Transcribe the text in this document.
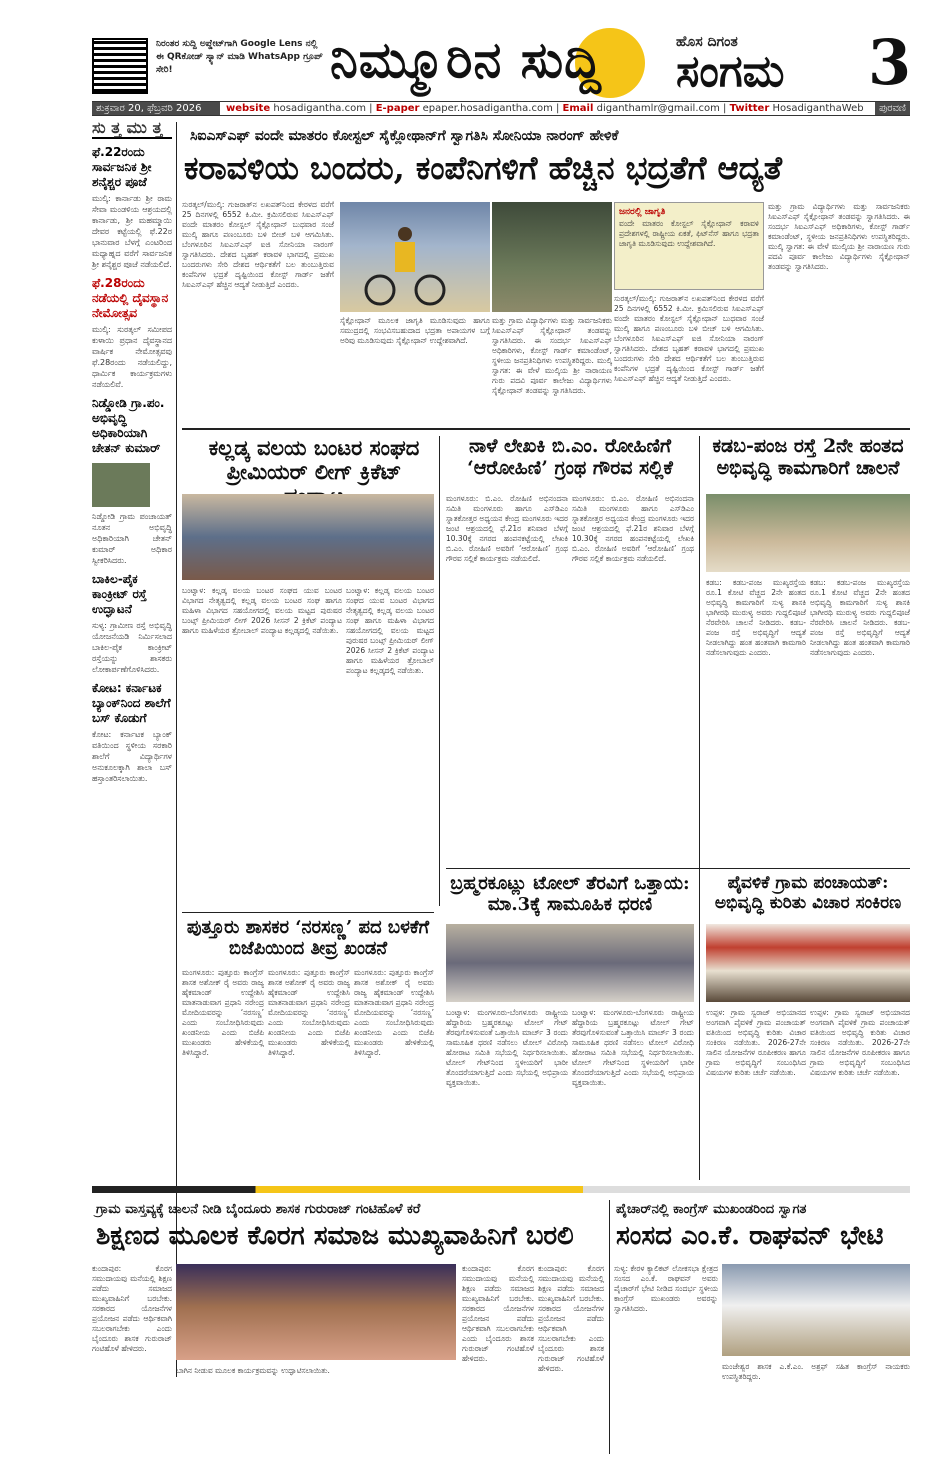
ನಿರಂತರ ಸುದ್ದಿ ಅಪ್ಡೇಟ್‌ಗಾಗಿ Google Lens ನಲ್ಲಿ ಈ QRಕೋಡ್ ಸ್ಕ್ಯಾನ್ ಮಾಡಿ WhatsApp ಗ್ರೂಪ್ ಸೇರಿ!	ನಿಮ್ಮೂರಿನ ಸುದ್ದಿ	ಹೊಸ ದಿಗಂತ
ಸಂಗಮ 3
ಶುಕ್ರವಾರ 20, ಫೆಬ್ರವರಿ 2026	website hosadigantha.com | E-paper epaper.hosadigantha.com | Email diganthamlr@gmail.com | Twitter HosadiganthaWeb	ಪುರವಣಿ
ಸು ತ್ತ ಮು ತ್ತ
ಫೆ.22ರಂದು ಸಾರ್ವಜನಿಕ ಶ್ರೀ ಶನೈಶ್ಚರ ಪೂಜೆ

ಮುಲ್ಕಿ: ಕಾರ್ನಾಡು ಶ್ರೀ ರಾಮ ಸೇವಾ ಮಂಡಳಿಯ ಆಶ್ರಯದಲ್ಲಿ ಕಾರ್ನಾಡು, ಶ್ರೀ ಮಹಮ್ಮಾಯಿ ದೇವರ ಕಟ್ಟೆಯಲ್ಲಿ ಫೆ.22ರ ಭಾನುವಾರ ಬೆಳಗ್ಗೆ ಎಂಟರಿಂದ ಮಧ್ಯಾಹ್ನದ ವರೆಗೆ ಸಾರ್ವಜನಿಕ ಶ್ರೀ ಶನೈಶ್ಚರ ಪೂಜೆ ನಡೆಯಲಿದೆ.

ಫೆ.28ರಂದು ನಡೆಯಲ್ಲಿ ದೈವಸ್ಥಾನ ನೇಮೋತ್ಸವ

ಮುಲ್ಕಿ: ಸುರತ್ಕಲ್ ಸಮೀಪದ ಕುಳಾಯಿ ಪ್ರಧಾನ ದೈವಸ್ಥಾನದ ವಾರ್ಷಿಕ ನೇಮೋತ್ಸವವು ಫೆ.28ರಂದು ನಡೆಯಲಿದ್ದು, ಧಾರ್ಮಿಕ ಕಾರ್ಯಕ್ರಮಗಳು ನಡೆಯಲಿವೆ.

ನಿಡ್ಡೋಡಿ ಗ್ರಾ.ಪಂ. ಅಭಿವೃದ್ಧಿ ಅಧಿಕಾರಿಯಾಗಿ ಚೇತನ್ ಕುಮಾರ್

ನಿಡ್ಡೋಡಿ ಗ್ರಾಮ ಪಂಚಾಯತ್ ನೂತನ ಅಭಿವೃದ್ಧಿ ಅಧಿಕಾರಿಯಾಗಿ ಚೇತನ್ ಕುಮಾರ್ ಅಧಿಕಾರ ಸ್ವೀಕರಿಸಿದರು.

ಬಾಕಿಲ-ಪೈಕ ಕಾಂಕ್ರೀಟ್ ರಸ್ತೆ ಉದ್ಘಾಟನೆ

ಸುಳ್ಯ: ಗ್ರಾಮೀಣ ರಸ್ತೆ ಅಭಿವೃದ್ಧಿ ಯೋಜನೆಯಡಿ ನಿರ್ಮಿಸಲಾದ ಬಾಕಿಲ-ಪೈಕ ಕಾಂಕ್ರೀಟ್ ರಸ್ತೆಯನ್ನು ಶಾಸಕರು ಲೋಕಾರ್ಪಣೆಗೊಳಿಸಿದರು.

ಕೋಟ: ಕರ್ನಾಟಕ ಬ್ಯಾಂಕ್‌ನಿಂದ ಶಾಲೆಗೆ ಬಸ್ ಕೊಡುಗೆ

ಕೋಟ: ಕರ್ನಾಟಕ ಬ್ಯಾಂಕ್ ವತಿಯಿಂದ ಸ್ಥಳೀಯ ಸರಕಾರಿ ಶಾಲೆಗೆ ವಿದ್ಯಾರ್ಥಿಗಳ ಅನುಕೂಲಕ್ಕಾಗಿ ಶಾಲಾ ಬಸ್ ಹಸ್ತಾಂತರಿಸಲಾಯಿತು.

ಸಿಐಎಸ್‌ಎಫ್ ವಂದೇ ಮಾತರಂ ಕೋಸ್ಟಲ್ ಸೈಕ್ಲೋಥಾನ್‌ಗೆ ಸ್ವಾಗತಿಸಿ ಸೋನಿಯಾ ನಾರಂಗ್ ಹೇಳಿಕೆ
ಕರಾವಳಿಯ ಬಂದರು, ಕಂಪೆನಿಗಳಿಗೆ ಹೆಚ್ಚಿನ ಭದ್ರತೆಗೆ ಆದ್ಯತೆ
ಸುರತ್ಕಲ್/ಮುಲ್ಕಿ: ಗುಜರಾತ್‌ನ ಲಖಪತ್‌ನಿಂದ ಕೇರಳದ ವರೆಗೆ 25 ದಿನಗಳಲ್ಲಿ 6552 ಕಿ.ಮೀ. ಕ್ರಮಿಸಲಿರುವ ಸಿಐಎಸ್‌ಎಫ್ ವಂದೇ ಮಾತರಂ ಕೋಸ್ಟಲ್ ಸೈಕ್ಲೋಥಾನ್ ಬುಧವಾರ ಸಂಜೆ ಮುಲ್ಕಿ ಹಾಗೂ ಪಣಂಬೂರು ಬಳಿ ಬೀಚ್ ಬಳಿ ಆಗಮಿಸಿತು. ಬೆಂಗಳೂರಿನ ಸಿಐಎಸ್‌ಎಫ್ ಐಜಿ ಸೋನಿಯಾ ನಾರಂಗ್ ಸ್ವಾಗತಿಸಿದರು. ದೇಶದ ಬೃಹತ್ ಕರಾವಳಿ ಭಾಗದಲ್ಲಿ ಪ್ರಮುಖ ಬಂದರುಗಳು ಸೇರಿ ದೇಶದ ಆರ್ಥಿಕತೆಗೆ ಬಲ ತುಂಬುತ್ತಿರುವ ಕಂಪೆನಿಗಳ ಭದ್ರತೆ ದೃಷ್ಟಿಯಿಂದ ಕೋಸ್ಟ್ ಗಾರ್ಡ್ ಜತೆಗೆ ಸಿಐಎಸ್‌ಎಫ್ ಹೆಚ್ಚಿನ ಆದ್ಯತೆ ನೀಡುತ್ತಿದೆ ಎಂದರು.
ಸೈಕ್ಲೋಥಾನ್ ಮೂಲಕ ಜಾಗೃತಿ ಮೂಡಿಸುವುದು ಹಾಗೂ ಸಮುದ್ರದಲ್ಲಿ ಸಂಭವಿಸಬಹುದಾದ ಭದ್ರತಾ ಅಪಾಯಗಳ ಬಗ್ಗೆ ಅರಿವು ಮೂಡಿಸುವುದು ಸೈಕ್ಲೋಥಾನ್ ಉದ್ದೇಶವಾಗಿದೆ.
ಮತ್ತು ಗ್ರಾಮ ವಿದ್ಯಾರ್ಥಿಗಳು ಮತ್ತು ಸಾರ್ವಜನಿಕರು ಸಿಐಎಸ್‌ಎಫ್ ಸೈಕ್ಲೋಥಾನ್ ತಂಡವನ್ನು ಸ್ವಾಗತಿಸಿದರು. ಈ ಸಂದರ್ಭ ಸಿಐಎಸ್‌ಎಫ್ ಅಧಿಕಾರಿಗಳು, ಕೋಸ್ಟ್ ಗಾರ್ಡ್ ಕಮಾಂಡೆಂಟ್, ಸ್ಥಳೀಯ ಜನಪ್ರತಿನಿಧಿಗಳು ಉಪಸ್ಥಿತರಿದ್ದರು. ಮುಲ್ಕಿ ಸ್ವಾಗತ: ಈ ವೇಳೆ ಮುಲ್ಕಿಯ ಶ್ರೀ ನಾರಾಯಣ ಗುರು ಪದವಿ ಪೂರ್ವ ಕಾಲೇಜು ವಿದ್ಯಾರ್ಥಿಗಳು ಸೈಕ್ಲೋಥಾನ್ ತಂಡವನ್ನು ಸ್ವಾಗತಿಸಿದರು.
ಜನರಲ್ಲಿ ಜಾಗೃತಿ
ವಂದೇ ಮಾತರಂ ಕೋಸ್ಟಲ್ ಸೈಕ್ಲೋಥಾನ್ ಕರಾವಳಿ ಪ್ರದೇಶಗಳಲ್ಲಿ ರಾಷ್ಟ್ರೀಯ ಏಕತೆ, ಫಿಟ್‌ನೆಸ್ ಹಾಗೂ ಭದ್ರತಾ ಜಾಗೃತಿ ಮೂಡಿಸುವುದು ಉದ್ದೇಶವಾಗಿದೆ.
ಸುರತ್ಕಲ್/ಮುಲ್ಕಿ: ಗುಜರಾತ್‌ನ ಲಖಪತ್‌ನಿಂದ ಕೇರಳದ ವರೆಗೆ 25 ದಿನಗಳಲ್ಲಿ 6552 ಕಿ.ಮೀ. ಕ್ರಮಿಸಲಿರುವ ಸಿಐಎಸ್‌ಎಫ್ ವಂದೇ ಮಾತರಂ ಕೋಸ್ಟಲ್ ಸೈಕ್ಲೋಥಾನ್ ಬುಧವಾರ ಸಂಜೆ ಮುಲ್ಕಿ ಹಾಗೂ ಪಣಂಬೂರು ಬಳಿ ಬೀಚ್ ಬಳಿ ಆಗಮಿಸಿತು. ಬೆಂಗಳೂರಿನ ಸಿಐಎಸ್‌ಎಫ್ ಐಜಿ ಸೋನಿಯಾ ನಾರಂಗ್ ಸ್ವಾಗತಿಸಿದರು. ದೇಶದ ಬೃಹತ್ ಕರಾವಳಿ ಭಾಗದಲ್ಲಿ ಪ್ರಮುಖ ಬಂದರುಗಳು ಸೇರಿ ದೇಶದ ಆರ್ಥಿಕತೆಗೆ ಬಲ ತುಂಬುತ್ತಿರುವ ಕಂಪೆನಿಗಳ ಭದ್ರತೆ ದೃಷ್ಟಿಯಿಂದ ಕೋಸ್ಟ್ ಗಾರ್ಡ್ ಜತೆಗೆ ಸಿಐಎಸ್‌ಎಫ್ ಹೆಚ್ಚಿನ ಆದ್ಯತೆ ನೀಡುತ್ತಿದೆ ಎಂದರು.
ಮತ್ತು ಗ್ರಾಮ ವಿದ್ಯಾರ್ಥಿಗಳು ಮತ್ತು ಸಾರ್ವಜನಿಕರು ಸಿಐಎಸ್‌ಎಫ್ ಸೈಕ್ಲೋಥಾನ್ ತಂಡವನ್ನು ಸ್ವಾಗತಿಸಿದರು. ಈ ಸಂದರ್ಭ ಸಿಐಎಸ್‌ಎಫ್ ಅಧಿಕಾರಿಗಳು, ಕೋಸ್ಟ್ ಗಾರ್ಡ್ ಕಮಾಂಡೆಂಟ್, ಸ್ಥಳೀಯ ಜನಪ್ರತಿನಿಧಿಗಳು ಉಪಸ್ಥಿತರಿದ್ದರು. ಮುಲ್ಕಿ ಸ್ವಾಗತ: ಈ ವೇಳೆ ಮುಲ್ಕಿಯ ಶ್ರೀ ನಾರಾಯಣ ಗುರು ಪದವಿ ಪೂರ್ವ ಕಾಲೇಜು ವಿದ್ಯಾರ್ಥಿಗಳು ಸೈಕ್ಲೋಥಾನ್ ತಂಡವನ್ನು ಸ್ವಾಗತಿಸಿದರು.
ಕಲ್ಲಡ್ಕ ವಲಯ ಬಂಟರ ಸಂಘದ ಪ್ರೀಮಿಯರ್ ಲೀಗ್ ಕ್ರಿಕೆಟ್
ಬಂಟ್ವಾಳ: ಕಲ್ಲಡ್ಕ ವಲಯ ಬಂಟರ ಸಂಘದ ಯುವ ಬಂಟರ ವಿಭಾಗದ ನೇತೃತ್ವದಲ್ಲಿ ಕಲ್ಲಡ್ಕ ವಲಯ ಬಂಟರ ಸಂಘ ಹಾಗೂ ಮಹಿಳಾ ವಿಭಾಗದ ಸಹಯೋಗದಲ್ಲಿ ವಲಯ ಮಟ್ಟದ ಪುರುಷರ ಬಂಟ್ಸ್ ಪ್ರೀಮಿಯರ್ ಲೀಗ್ 2026 ಸೀಸನ್ 2 ಕ್ರಿಕೆಟ್ ಪಂದ್ಯಾಟ ಹಾಗೂ ಮಹಿಳೆಯರ ತ್ರೋಬಾಲ್ ಪಂದ್ಯಾಟ ಕಲ್ಲಡ್ಕದಲ್ಲಿ ನಡೆಯಿತು.
ಬಂಟ್ವಾಳ: ಕಲ್ಲಡ್ಕ ವಲಯ ಬಂಟರ ಸಂಘದ ಯುವ ಬಂಟರ ವಿಭಾಗದ ನೇತೃತ್ವದಲ್ಲಿ ಕಲ್ಲಡ್ಕ ವಲಯ ಬಂಟರ ಸಂಘ ಹಾಗೂ ಮಹಿಳಾ ವಿಭಾಗದ ಸಹಯೋಗದಲ್ಲಿ ವಲಯ ಮಟ್ಟದ ಪುರುಷರ ಬಂಟ್ಸ್ ಪ್ರೀಮಿಯರ್ ಲೀಗ್ 2026 ಸೀಸನ್ 2 ಕ್ರಿಕೆಟ್ ಪಂದ್ಯಾಟ ಹಾಗೂ ಮಹಿಳೆಯರ ತ್ರೋಬಾಲ್ ಪಂದ್ಯಾಟ ಕಲ್ಲಡ್ಕದಲ್ಲಿ ನಡೆಯಿತು.
ನಾಳೆ ಲೇಖಕಿ ಬಿ.ಎಂ. ರೋಹಿಣಿಗೆ ‘ಆರೋಹಿಣಿ’ ಗ್ರಂಥ ಗೌರವ ಸಲ್ಲಿಕೆ
ಮಂಗಳೂರು: ಬಿ.ಎಂ. ರೋಹಿಣಿ ಅಭಿನಂದನಾ ಸಮಿತಿ ಮಂಗಳೂರು ಹಾಗೂ ಎಸ್‌ಡಿಎಂ ಸ್ನಾತಕೋತ್ತರ ಅಧ್ಯಯನ ಕೇಂದ್ರ ಮಂಗಳೂರು ಇದರ ಜಂಟಿ ಆಶ್ರಯದಲ್ಲಿ ಫೆ.21ರ ಶನಿವಾರ ಬೆಳಗ್ಗೆ 10.30ಕ್ಕೆ ನಗರದ ಹಂಪನಕಟ್ಟೆಯಲ್ಲಿ ಲೇಖಕಿ ಬಿ.ಎಂ. ರೋಹಿಣಿ ಅವರಿಗೆ ‘ಆರೋಹಿಣಿ’ ಗ್ರಂಥ ಗೌರವ ಸಲ್ಲಿಕೆ ಕಾರ್ಯಕ್ರಮ ನಡೆಯಲಿದೆ.
ಮಂಗಳೂರು: ಬಿ.ಎಂ. ರೋಹಿಣಿ ಅಭಿನಂದನಾ ಸಮಿತಿ ಮಂಗಳೂರು ಹಾಗೂ ಎಸ್‌ಡಿಎಂ ಸ್ನಾತಕೋತ್ತರ ಅಧ್ಯಯನ ಕೇಂದ್ರ ಮಂಗಳೂರು ಇದರ ಜಂಟಿ ಆಶ್ರಯದಲ್ಲಿ ಫೆ.21ರ ಶನಿವಾರ ಬೆಳಗ್ಗೆ 10.30ಕ್ಕೆ ನಗರದ ಹಂಪನಕಟ್ಟೆಯಲ್ಲಿ ಲೇಖಕಿ ಬಿ.ಎಂ. ರೋಹಿಣಿ ಅವರಿಗೆ ‘ಆರೋಹಿಣಿ’ ಗ್ರಂಥ ಗೌರವ ಸಲ್ಲಿಕೆ ಕಾರ್ಯಕ್ರಮ ನಡೆಯಲಿದೆ.
ಕಡಬ-ಪಂಜ ರಸ್ತೆ 2ನೇ ಹಂತದ ಅಭಿವೃದ್ಧಿ ಕಾಮಗಾರಿಗೆ ಚಾಲನೆ
ಕಡಬ: ಕಡಬ-ಪಂಜ ಮುಖ್ಯರಸ್ತೆಯ ರೂ.1 ಕೋಟಿ ವೆಚ್ಚದ 2ನೇ ಹಂತದ ಅಭಿವೃದ್ಧಿ ಕಾಮಗಾರಿಗೆ ಸುಳ್ಯ ಶಾಸಕಿ ಭಾಗೀರಥಿ ಮುರುಳ್ಯ ಅವರು ಗುದ್ದಲಿಪೂಜೆ ನೆರವೇರಿಸಿ ಚಾಲನೆ ನೀಡಿದರು. ಕಡಬ-ಪಂಜ ರಸ್ತೆ ಅಭಿವೃದ್ಧಿಗೆ ಆದ್ಯತೆ ನೀಡಲಾಗಿದ್ದು ಹಂತ ಹಂತವಾಗಿ ಕಾಮಗಾರಿ ನಡೆಸಲಾಗುವುದು ಎಂದರು.
ಕಡಬ: ಕಡಬ-ಪಂಜ ಮುಖ್ಯರಸ್ತೆಯ ರೂ.1 ಕೋಟಿ ವೆಚ್ಚದ 2ನೇ ಹಂತದ ಅಭಿವೃದ್ಧಿ ಕಾಮಗಾರಿಗೆ ಸುಳ್ಯ ಶಾಸಕಿ ಭಾಗೀರಥಿ ಮುರುಳ್ಯ ಅವರು ಗುದ್ದಲಿಪೂಜೆ ನೆರವೇರಿಸಿ ಚಾಲನೆ ನೀಡಿದರು. ಕಡಬ-ಪಂಜ ರಸ್ತೆ ಅಭಿವೃದ್ಧಿಗೆ ಆದ್ಯತೆ ನೀಡಲಾಗಿದ್ದು ಹಂತ ಹಂತವಾಗಿ ಕಾಮಗಾರಿ ನಡೆಸಲಾಗುವುದು ಎಂದರು.
ಬ್ರಹ್ಮರಕೂಟ್ಲು ಟೋಲ್ ತೆರವಿಗೆ ಒತ್ತಾಯ: ಮಾ.3ಕ್ಕೆ ಸಾಮೂಹಿಕ ಧರಣಿ
ಬಂಟ್ವಾಳ: ಮಂಗಳೂರು-ಬೆಂಗಳೂರು ರಾಷ್ಟ್ರೀಯ ಹೆದ್ದಾರಿಯ ಬ್ರಹ್ಮರಕೂಟ್ಲು ಟೋಲ್ ಗೇಟ್ ತೆರವುಗೊಳಿಸುವಂತೆ ಒತ್ತಾಯಿಸಿ ಮಾರ್ಚ್ 3 ರಂದು ಸಾಮೂಹಿಕ ಧರಣಿ ನಡೆಸಲು ಟೋಲ್ ವಿರೋಧಿ ಹೋರಾಟ ಸಮಿತಿ ಸಭೆಯಲ್ಲಿ ನಿರ್ಧರಿಸಲಾಯಿತು. ಟೋಲ್ ಗೇಟ್‌ನಿಂದ ಸ್ಥಳೀಯರಿಗೆ ಭಾರೀ ತೊಂದರೆಯಾಗುತ್ತಿದೆ ಎಂದು ಸಭೆಯಲ್ಲಿ ಅಭಿಪ್ರಾಯ ವ್ಯಕ್ತವಾಯಿತು.
ಬಂಟ್ವಾಳ: ಮಂಗಳೂರು-ಬೆಂಗಳೂರು ರಾಷ್ಟ್ರೀಯ ಹೆದ್ದಾರಿಯ ಬ್ರಹ್ಮರಕೂಟ್ಲು ಟೋಲ್ ಗೇಟ್ ತೆರವುಗೊಳಿಸುವಂತೆ ಒತ್ತಾಯಿಸಿ ಮಾರ್ಚ್ 3 ರಂದು ಸಾಮೂಹಿಕ ಧರಣಿ ನಡೆಸಲು ಟೋಲ್ ವಿರೋಧಿ ಹೋರಾಟ ಸಮಿತಿ ಸಭೆಯಲ್ಲಿ ನಿರ್ಧರಿಸಲಾಯಿತು. ಟೋಲ್ ಗೇಟ್‌ನಿಂದ ಸ್ಥಳೀಯರಿಗೆ ಭಾರೀ ತೊಂದರೆಯಾಗುತ್ತಿದೆ ಎಂದು ಸಭೆಯಲ್ಲಿ ಅಭಿಪ್ರಾಯ ವ್ಯಕ್ತವಾಯಿತು.
ಪೈವಳಿಕೆ ಗ್ರಾಮ ಪಂಚಾಯತ್: ಅಭಿವೃದ್ಧಿ ಕುರಿತು ವಿಚಾರ ಸಂಕಿರಣ
ಉಪ್ಪಳ: ಗ್ರಾಮ ಸ್ವರಾಜ್ ಅಭಿಯಾನದ ಅಂಗವಾಗಿ ಪೈವಳಿಕೆ ಗ್ರಾಮ ಪಂಚಾಯತ್ ವತಿಯಿಂದ ಅಭಿವೃದ್ಧಿ ಕುರಿತು ವಿಚಾರ ಸಂಕಿರಣ ನಡೆಯಿತು. 2026-27ನೇ ಸಾಲಿನ ಯೋಜನೆಗಳ ರೂಪೀಕರಣ ಹಾಗೂ ಗ್ರಾಮ ಅಭಿವೃದ್ಧಿಗೆ ಸಂಬಂಧಿಸಿದ ವಿಷಯಗಳ ಕುರಿತು ಚರ್ಚೆ ನಡೆಯಿತು.
ಉಪ್ಪಳ: ಗ್ರಾಮ ಸ್ವರಾಜ್ ಅಭಿಯಾನದ ಅಂಗವಾಗಿ ಪೈವಳಿಕೆ ಗ್ರಾಮ ಪಂಚಾಯತ್ ವತಿಯಿಂದ ಅಭಿವೃದ್ಧಿ ಕುರಿತು ವಿಚಾರ ಸಂಕಿರಣ ನಡೆಯಿತು. 2026-27ನೇ ಸಾಲಿನ ಯೋಜನೆಗಳ ರೂಪೀಕರಣ ಹಾಗೂ ಗ್ರಾಮ ಅಭಿವೃದ್ಧಿಗೆ ಸಂಬಂಧಿಸಿದ ವಿಷಯಗಳ ಕುರಿತು ಚರ್ಚೆ ನಡೆಯಿತು.
ಪುತ್ತೂರು ಶಾಸಕರ ‘ನರಸಣ್ಣ’ ಪದ ಬಳಕೆಗೆ ಬಿಜೆಪಿಯಿಂದ ತೀವ್ರ ಖಂಡನೆ
ಮಂಗಳೂರು: ಪುತ್ತೂರು ಕಾಂಗ್ರೆಸ್ ಶಾಸಕ ಅಶೋಕ್ ರೈ ಅವರು ರಾಜ್ಯ ಹೈಕಮಾಂಡ್ ಉದ್ದೇಶಿಸಿ ಮಾತನಾಡುವಾಗ ಪ್ರಧಾನಿ ನರೇಂದ್ರ ಮೋದಿಯವರನ್ನು ‘ನರಸಣ್ಣ’ ಎಂದು ಸಂಬೋಧಿಸಿರುವುದು ಖಂಡನೀಯ ಎಂದು ಬಿಜೆಪಿ ಮುಖಂಡರು ಹೇಳಿಕೆಯಲ್ಲಿ ತಿಳಿಸಿದ್ದಾರೆ.
ಮಂಗಳೂರು: ಪುತ್ತೂರು ಕಾಂಗ್ರೆಸ್ ಶಾಸಕ ಅಶೋಕ್ ರೈ ಅವರು ರಾಜ್ಯ ಹೈಕಮಾಂಡ್ ಉದ್ದೇಶಿಸಿ ಮಾತನಾಡುವಾಗ ಪ್ರಧಾನಿ ನರೇಂದ್ರ ಮೋದಿಯವರನ್ನು ‘ನರಸಣ್ಣ’ ಎಂದು ಸಂಬೋಧಿಸಿರುವುದು ಖಂಡನೀಯ ಎಂದು ಬಿಜೆಪಿ ಮುಖಂಡರು ಹೇಳಿಕೆಯಲ್ಲಿ ತಿಳಿಸಿದ್ದಾರೆ.
ಮಂಗಳೂರು: ಪುತ್ತೂರು ಕಾಂಗ್ರೆಸ್ ಶಾಸಕ ಅಶೋಕ್ ರೈ ಅವರು ರಾಜ್ಯ ಹೈಕಮಾಂಡ್ ಉದ್ದೇಶಿಸಿ ಮಾತನಾಡುವಾಗ ಪ್ರಧಾನಿ ನರೇಂದ್ರ ಮೋದಿಯವರನ್ನು ‘ನರಸಣ್ಣ’ ಎಂದು ಸಂಬೋಧಿಸಿರುವುದು ಖಂಡನೀಯ ಎಂದು ಬಿಜೆಪಿ ಮುಖಂಡರು ಹೇಳಿಕೆಯಲ್ಲಿ ತಿಳಿಸಿದ್ದಾರೆ.
ಗ್ರಾಮ ವಾಸ್ತವ್ಯಕ್ಕೆ ಚಾಲನೆ ನೀಡಿ ಬೈಂದೂರು ಶಾಸಕ ಗುರುರಾಜ್ ಗಂಟಿಹೊಳೆ ಕರೆ
ಶಿಕ್ಷಣದ ಮೂಲಕ ಕೊರಗ ಸಮಾಜ ಮುಖ್ಯವಾಹಿನಿಗೆ ಬರಲಿ
ಕುಂದಾಪುರ: ಕೊರಗ ಸಮುದಾಯವು ಮನೆಯಲ್ಲಿ ಶಿಕ್ಷಣ ಪಡೆದು ಸಮಾಜದ ಮುಖ್ಯವಾಹಿನಿಗೆ ಬರಬೇಕು. ಸರಕಾರದ ಯೋಜನೆಗಳ ಪ್ರಯೋಜನ ಪಡೆದು ಆರ್ಥಿಕವಾಗಿ ಸಬಲರಾಗಬೇಕು ಎಂದು ಬೈಂದೂರು ಶಾಸಕ ಗುರುರಾಜ್ ಗಂಟಿಹೊಳೆ ಹೇಳಿದರು.
ಬಾಗಿನ ನೀಡುವ ಮೂಲಕ ಕಾರ್ಯಕ್ರಮವನ್ನು ಉದ್ಘಾಟಿಸಲಾಯಿತು.
ಕುಂದಾಪುರ: ಕೊರಗ ಸಮುದಾಯವು ಮನೆಯಲ್ಲಿ ಶಿಕ್ಷಣ ಪಡೆದು ಸಮಾಜದ ಮುಖ್ಯವಾಹಿನಿಗೆ ಬರಬೇಕು. ಸರಕಾರದ ಯೋಜನೆಗಳ ಪ್ರಯೋಜನ ಪಡೆದು ಆರ್ಥಿಕವಾಗಿ ಸಬಲರಾಗಬೇಕು ಎಂದು ಬೈಂದೂರು ಶಾಸಕ ಗುರುರಾಜ್ ಗಂಟಿಹೊಳೆ ಹೇಳಿದರು.
ಕುಂದಾಪುರ: ಕೊರಗ ಸಮುದಾಯವು ಮನೆಯಲ್ಲಿ ಶಿಕ್ಷಣ ಪಡೆದು ಸಮಾಜದ ಮುಖ್ಯವಾಹಿನಿಗೆ ಬರಬೇಕು. ಸರಕಾರದ ಯೋಜನೆಗಳ ಪ್ರಯೋಜನ ಪಡೆದು ಆರ್ಥಿಕವಾಗಿ ಸಬಲರಾಗಬೇಕು ಎಂದು ಬೈಂದೂರು ಶಾಸಕ ಗುರುರಾಜ್ ಗಂಟಿಹೊಳೆ ಹೇಳಿದರು.
ಪೈಚಾರ್‌ನಲ್ಲಿ ಕಾಂಗ್ರೆಸ್ ಮುಖಂಡರಿಂದ ಸ್ವಾಗತ
ಸಂಸದ ಎಂ.ಕೆ. ರಾಘವನ್ ಭೇಟಿ
ಸುಳ್ಯ: ಕೇರಳ ಕ್ಯಾಲಿಕಟ್ ಲೋಕಸಭಾ ಕ್ಷೇತ್ರದ ಸಂಸದ ಎಂ.ಕೆ. ರಾಘವನ್ ಅವರು ಪೈಚಾರ್‌ಗೆ ಭೇಟಿ ನೀಡಿದ ಸಂದರ್ಭ ಸ್ಥಳೀಯ ಕಾಂಗ್ರೆಸ್ ಮುಖಂಡರು ಅವರನ್ನು ಸ್ವಾಗತಿಸಿದರು.
ಮಂಜೇಶ್ವರ ಶಾಸಕ ಎ.ಕೆ.ಎಂ. ಅಶ್ರಫ್ ಸಹಿತ ಕಾಂಗ್ರೆಸ್ ನಾಯಕರು ಉಪಸ್ಥಿತರಿದ್ದರು.
